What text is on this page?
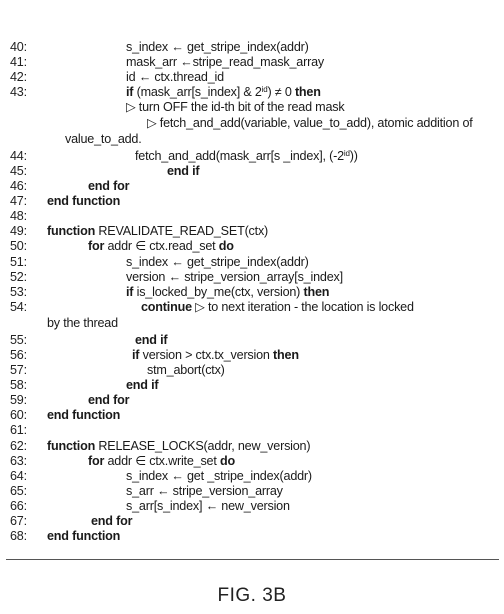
40:	s_index ← get_stripe_index(addr)
41:	mask_arr ←stripe_read_mask_array
42:	id ← ctx.thread_id
43:	if (mask_arr[s_index] & $2^{id}) \ne 0$ then
▷ turn OFF the id-th bit of the read mask
▷ fetch_and_add(variable, value_to_add), atomic addition of
value_to_add.
44:	fetch_and_add(mask_arr[s _index], $(-2^{id})$)
45:	end if
46:	end for
47: end function
48:
49: function REVALIDATE_READ_SET(ctx)
50:	for addr ∈ ctx.read_set do
51:	s_index ← get_stripe_index(addr)
52:	version ← stripe_version_array[s_index]
53:	if is_locked_by_me(ctx, version) then
54:	continue ▷ to next iteration - the location is locked
by the thread
55:	end if
56:	if version > ctx.tx_version then
57:	stm_abort(ctx)
58:	end if
59:	end for
60: end function
61:
62: function RELEASE_LOCKS(addr, new_version)
63:	for addr ∈ ctx.write_set do
64:	s_index ← get _stripe_index(addr)
65:	s_arr ← stripe_version_array
66:	s_arr[s_index] ← new_version
67:	end for
68: end function
FIG. 3B
